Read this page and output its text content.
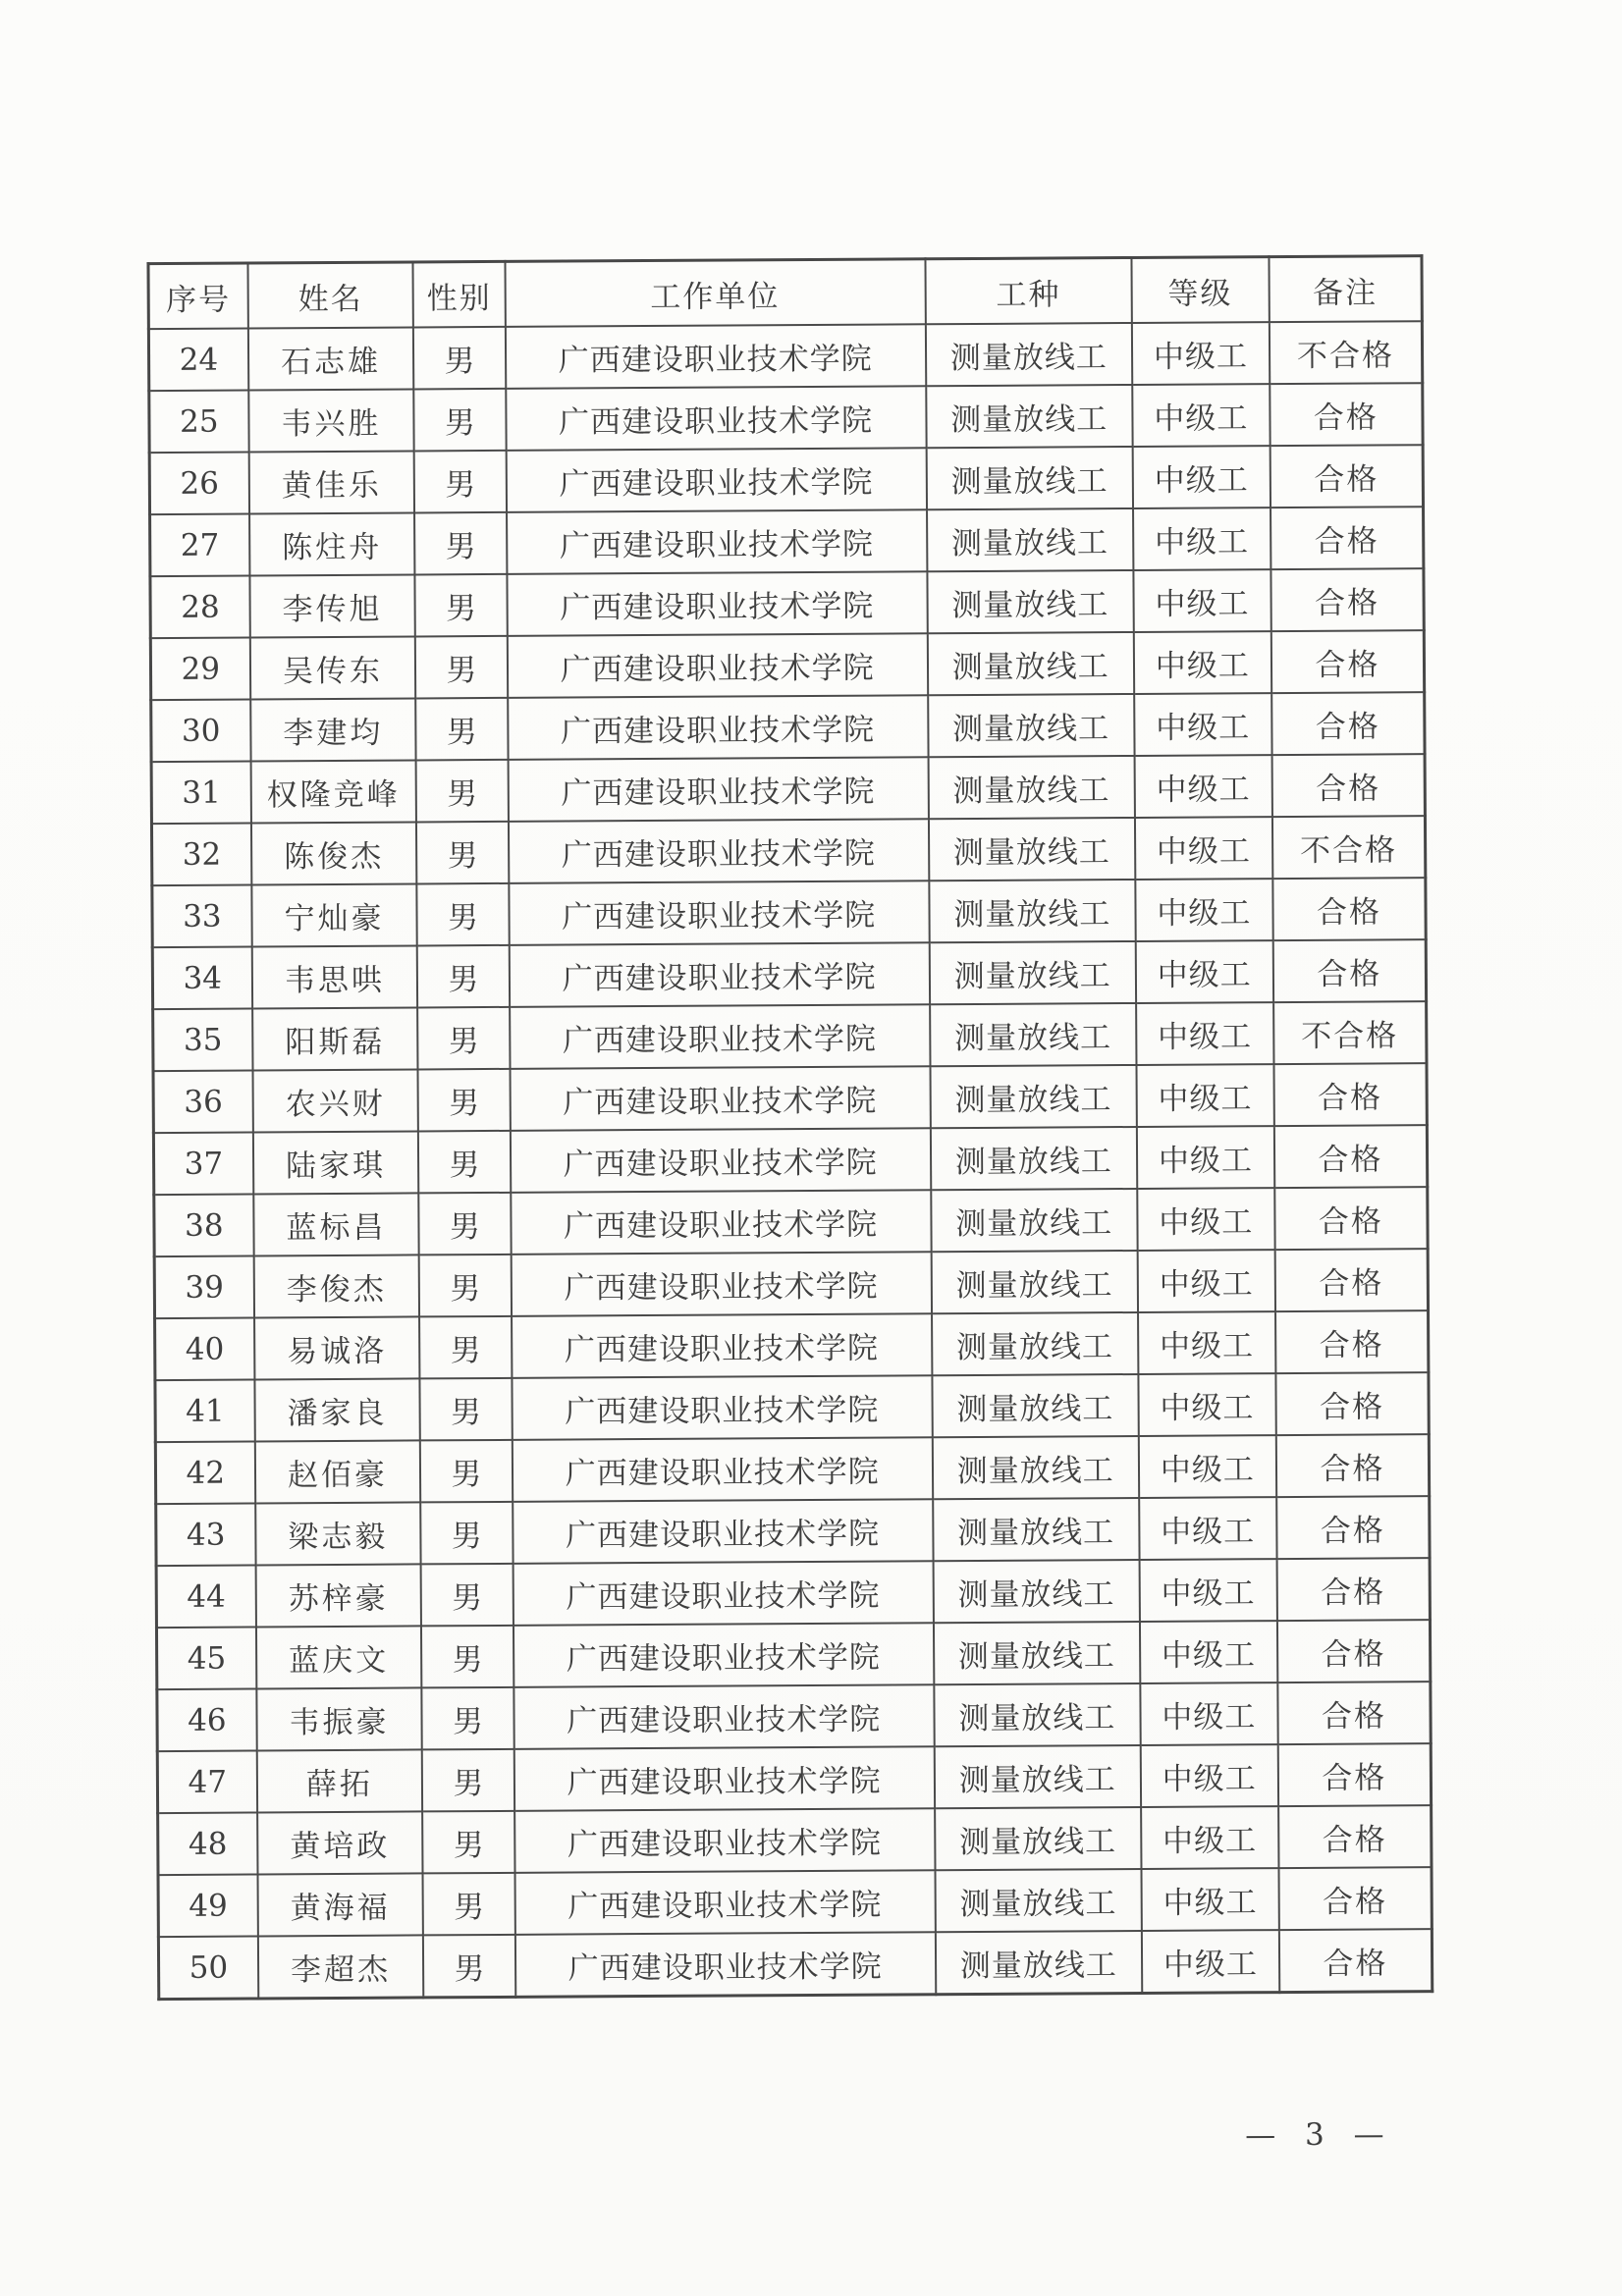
序号	姓名	性别	工作单位	工种	等级	备注
24	石志雄	男	广西建设职业技术学院	测量放线工	中级工	不合格
25	韦兴胜	男	广西建设职业技术学院	测量放线工	中级工	合格
26	黄佳乐	男	广西建设职业技术学院	测量放线工	中级工	合格
27	陈炷舟	男	广西建设职业技术学院	测量放线工	中级工	合格
28	李传旭	男	广西建设职业技术学院	测量放线工	中级工	合格
29	吴传东	男	广西建设职业技术学院	测量放线工	中级工	合格
30	李建均	男	广西建设职业技术学院	测量放线工	中级工	合格
31	权隆竞峰	男	广西建设职业技术学院	测量放线工	中级工	合格
32	陈俊杰	男	广西建设职业技术学院	测量放线工	中级工	不合格
33	宁灿豪	男	广西建设职业技术学院	测量放线工	中级工	合格
34	韦思哄	男	广西建设职业技术学院	测量放线工	中级工	合格
35	阳斯磊	男	广西建设职业技术学院	测量放线工	中级工	不合格
36	农兴财	男	广西建设职业技术学院	测量放线工	中级工	合格
37	陆家琪	男	广西建设职业技术学院	测量放线工	中级工	合格
38	蓝标昌	男	广西建设职业技术学院	测量放线工	中级工	合格
39	李俊杰	男	广西建设职业技术学院	测量放线工	中级工	合格
40	易诚洛	男	广西建设职业技术学院	测量放线工	中级工	合格
41	潘家良	男	广西建设职业技术学院	测量放线工	中级工	合格
42	赵佰豪	男	广西建设职业技术学院	测量放线工	中级工	合格
43	梁志毅	男	广西建设职业技术学院	测量放线工	中级工	合格
44	苏梓豪	男	广西建设职业技术学院	测量放线工	中级工	合格
45	蓝庆文	男	广西建设职业技术学院	测量放线工	中级工	合格
46	韦振豪	男	广西建设职业技术学院	测量放线工	中级工	合格
47	薛拓	男	广西建设职业技术学院	测量放线工	中级工	合格
48	黄培政	男	广西建设职业技术学院	测量放线工	中级工	合格
49	黄海福	男	广西建设职业技术学院	测量放线工	中级工	合格
50	李超杰	男	广西建设职业技术学院	测量放线工	中级工	合格
— 3 —
